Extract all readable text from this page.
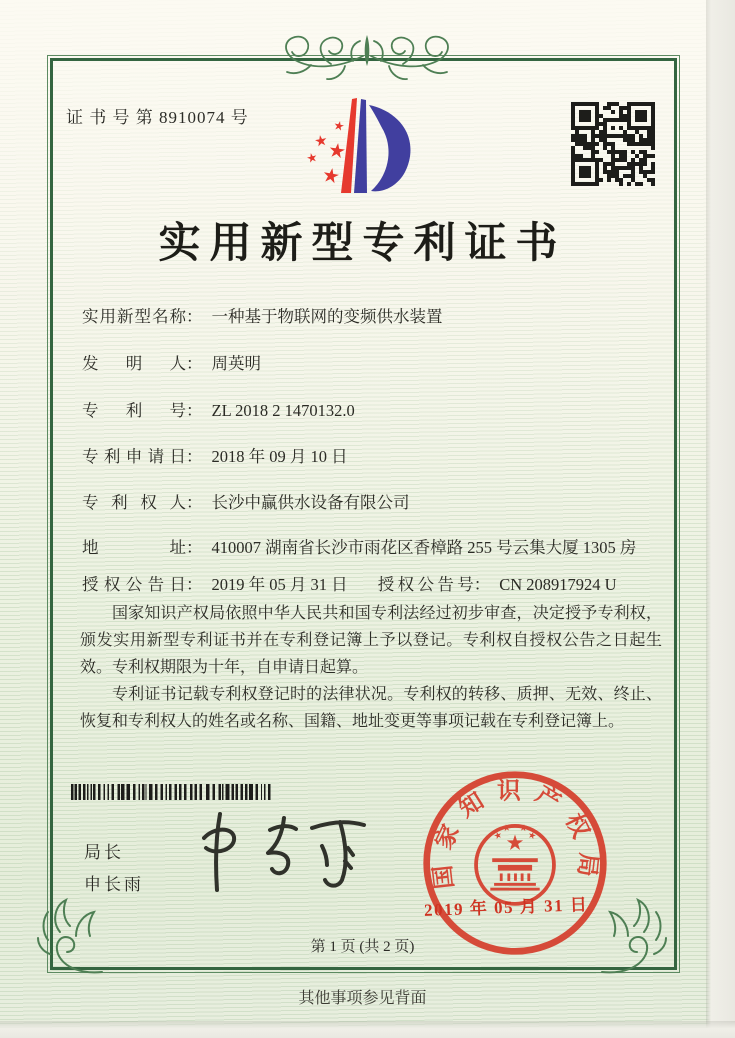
证 书 号 第 8910074 号
实用新型专利证书
实用新型名称： 一种基于物联网的变频供水装置
发明人： 周英明
专利号： ZL 2018 2 1470132.0
专利申请日： 2018 年 09 月 10 日
专利权人： 长沙中赢供水设备有限公司
地址： 410007 湖南省长沙市雨花区香樟路 255 号云集大厦 1305 房
授权公告日： 2019 年 05 月 31 日 授权公告号： CN 208917924 U

国家知识产权局依照中华人民共和国专利法经过初步审查，决定授予专利权，颁发实用新型专利证书并在专利登记簿上予以登记。专利权自授权公告之日起生效。专利权期限为十年，自申请日起算。

专利证书记载专利权登记时的法律状况。专利权的转移、质押、无效、终止、恢复和专利权人的姓名或名称、国籍、地址变更等事项记载在专利登记簿上。

局长
申长雨	国家知识产权局
2019 年 05 月 31 日
第 1 页 (共 2 页)
其他事项参见背面
